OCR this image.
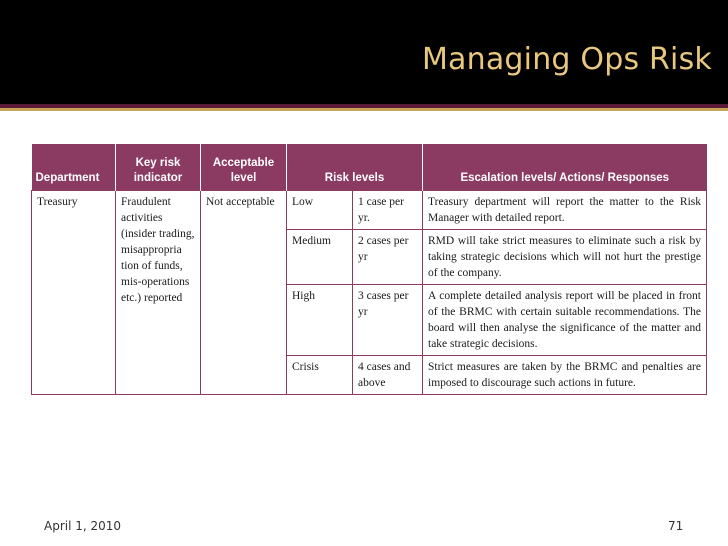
Managing Ops Risk
Department	Key risk indicator	Acceptable level	Risk levels		Escalation levels/ Actions/ Responses
Treasury	Fraudulent activities (insider trading, misappropria tion of funds, mis-operations etc.) reported	Not acceptable	Low	1 case per yr.	Treasury department will report the matter to the Risk Manager with detailed report.
			Medium	2 cases per yr	RMD will take strict measures to eliminate such a risk by taking strategic decisions which will not hurt the prestige of the company.
			High	3 cases per yr	A complete detailed analysis report will be placed in front of the BRMC with certain suitable recommendations. The board will then analyse the significance of the matter and take strategic decisions.
			Crisis	4 cases and above	Strict measures are taken by the BRMC and penalties are imposed to discourage such actions in future.
April 1, 2010	71
